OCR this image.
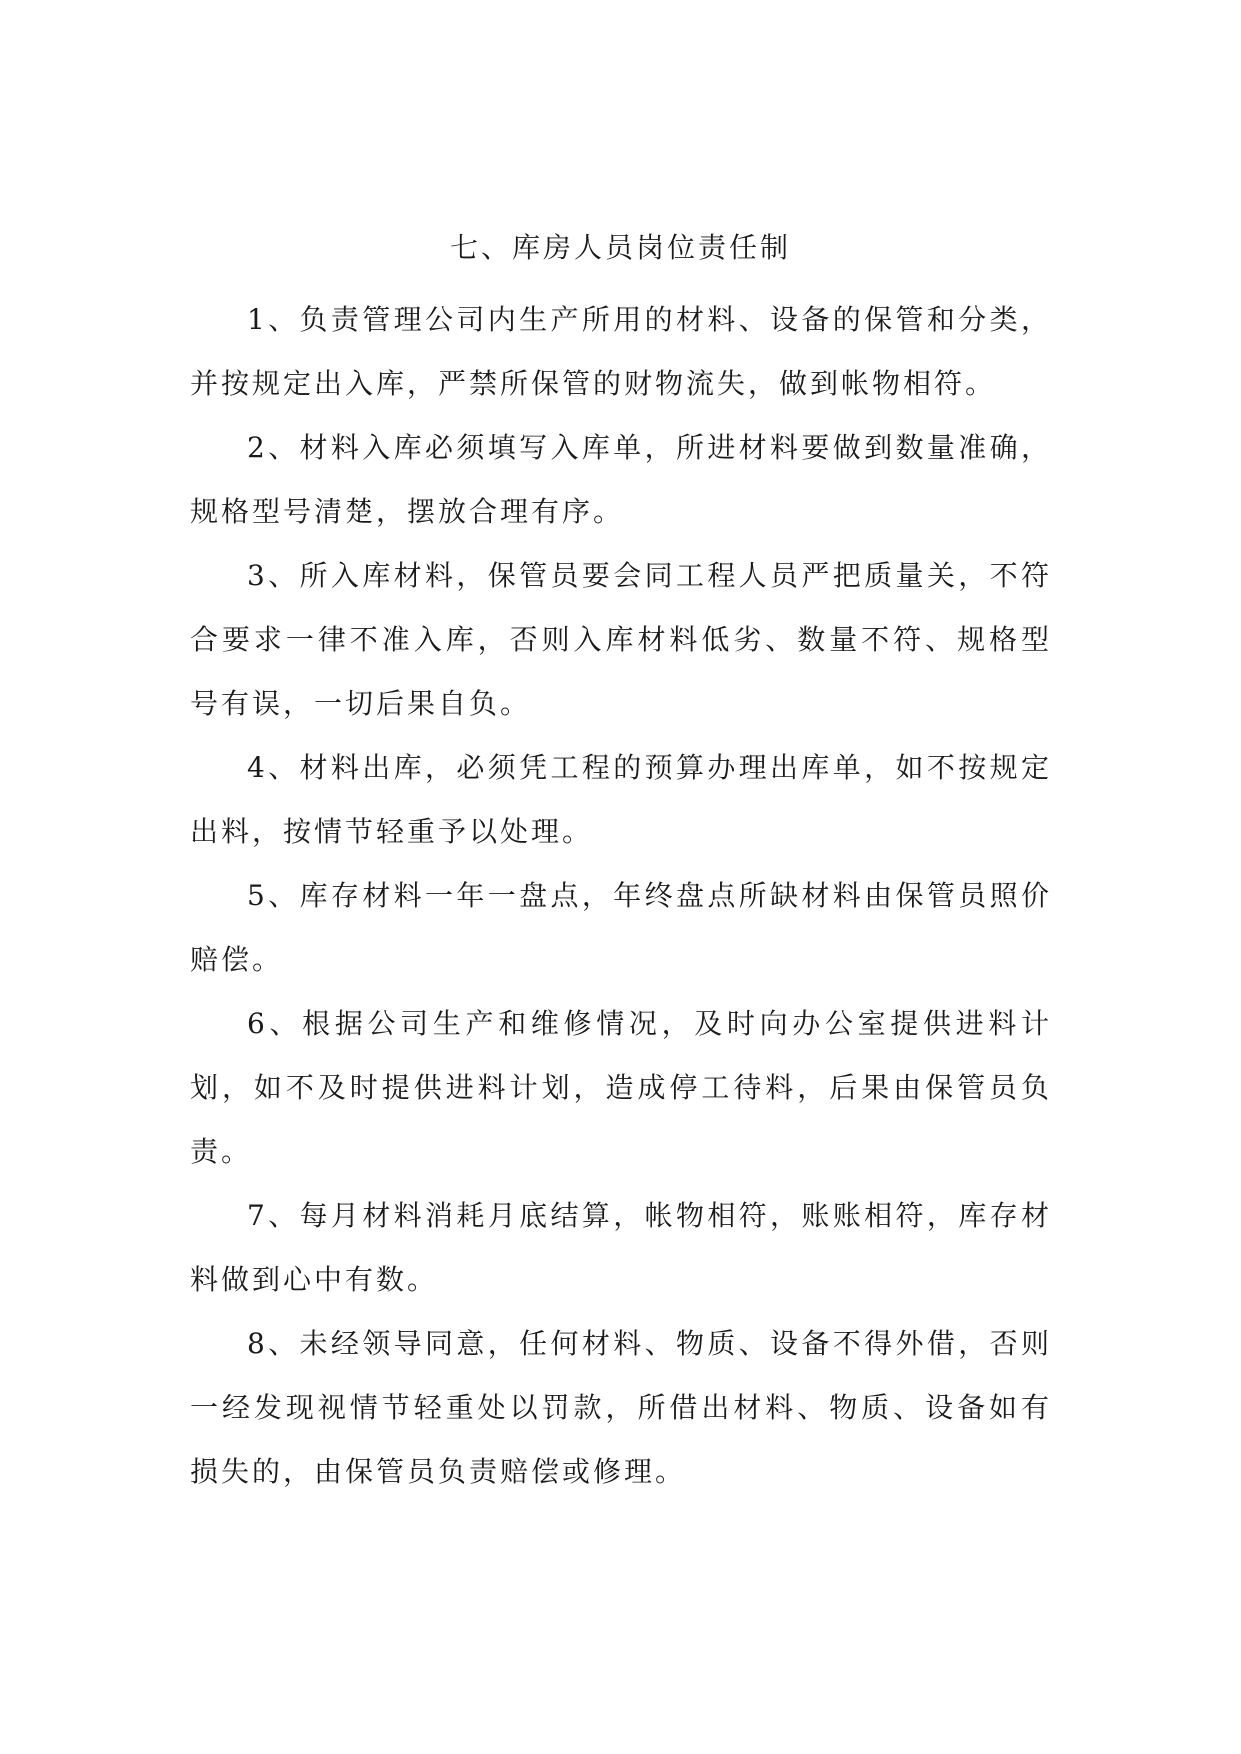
七、库房人员岗位责任制

1、负责管理公司内生产所用的材料、设备的保管和分类，并按规定出入库，严禁所保管的财物流失，做到帐物相符。

2、材料入库必须填写入库单，所进材料要做到数量准确，规格型号清楚，摆放合理有序。

3、所入库材料，保管员要会同工程人员严把质量关，不符合要求一律不准入库，否则入库材料低劣、数量不符、规格型号有误，一切后果自负。

4、材料出库，必须凭工程的预算办理出库单，如不按规定出料，按情节轻重予以处理。

5、库存材料一年一盘点，年终盘点所缺材料由保管员照价赔偿。

6、根据公司生产和维修情况，及时向办公室提供进料计划，如不及时提供进料计划，造成停工待料，后果由保管员负责。

7、每月材料消耗月底结算，帐物相符，账账相符，库存材料做到心中有数。

8、未经领导同意，任何材料、物质、设备不得外借，否则一经发现视情节轻重处以罚款，所借出材料、物质、设备如有损失的，由保管员负责赔偿或修理。
